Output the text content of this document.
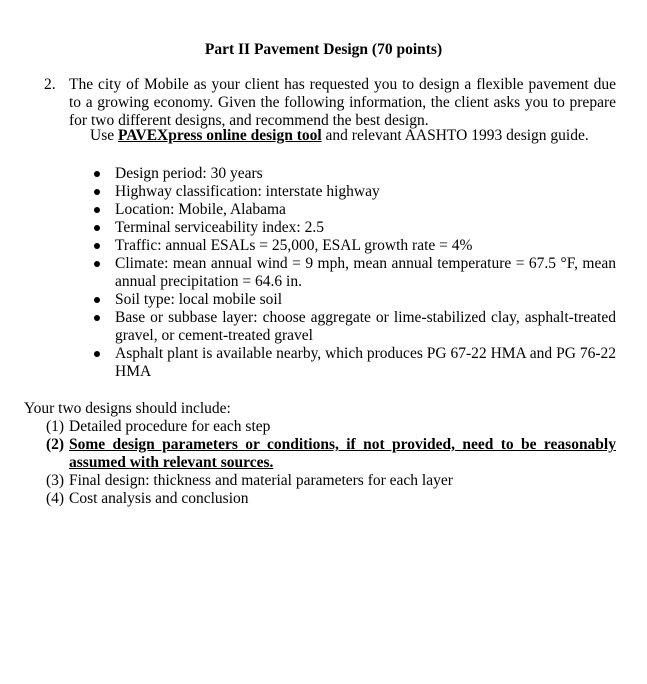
Part II Pavement Design (70 points)
2. The city of Mobile as your client has requested you to design a flexible pavement due to a growing economy. Given the following information, the client asks you to prepare for two different designs, and recommend the best design.
Use PAVEXpress online design tool and relevant AASHTO 1993 design guide.
Design period: 30 years
Highway classification: interstate highway
Location: Mobile, Alabama
Terminal serviceability index: 2.5
Traffic: annual ESALs = 25,000, ESAL growth rate = 4%
Climate: mean annual wind = 9 mph, mean annual temperature = 67.5 °F, mean annual precipitation = 64.6 in.
Soil type: local mobile soil
Base or subbase layer: choose aggregate or lime-stabilized clay, asphalt-treated gravel, or cement-treated gravel
Asphalt plant is available nearby, which produces PG 67-22 HMA and PG 76-22 HMA

Your two designs should include:

(1) Detailed procedure for each step
(2) Some design parameters or conditions, if not provided, need to be reasonably assumed with relevant sources.
(3) Final design: thickness and material parameters for each layer
(4) Cost analysis and conclusion
